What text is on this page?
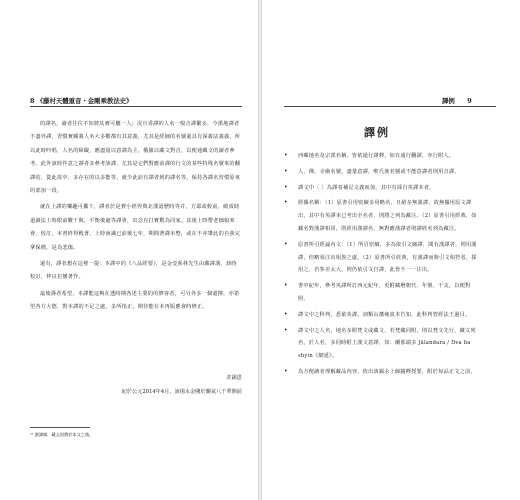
8 《藤村天體重音・金剛乘教法史》

的譯名，讀者往往不知彼其實可屬一人；況且香譯的人名一般音譯繁多，今漢地譯者不盡外譯，習慣實藏義人名大多數都有其意義，尤其是經師的名號還具有深義法義義，所以此時吟唱，人名的障礙，應盡量以意譯為主，俄羅以藏文對音，以便通藏文的讀者參考。此外該時作意之譯者多參考該譯，尤其是它們對應前譯的行文的某些特殊名號來的翻譯的，從此故中，多存在的以多能等，就少此前有譯者到的譯名等，保持各譯名習慣原來的部加一段。

就在上譯的樂趣可攜下，譯者於是費小經得與北漢語歷時等并，方耶或較前，破成時道讀法上時限前數千與，平衡後處等譯會，出念有打實驚為同家。其後上時帶老師娘來會，校訂，本書終得殿著。上時而識已前後七年，期間著譯未整，或在不亦肇此的自我完拿保價，是為悲傷。

還有，譯者想在這裡一提：本譯中的《八品經要》，是金壹系林先生由藏譯漢，該時校訂，仲良拉懷著作。

最後謹者希望，本譯能這夠在透時期各述主要的的修客者，可另外多一個還擇，亦希望各方大德，對本譯的不足之處，多所指正，期待能在本再版應會時修正。

許錫恩
紀於公元2014年4月，該揚永金剛於蘭氣八千華開前
⁰¹ 劉譯師，藏文固費於本文之後。
譯例 9
譯例
• 西藏地名及宗派名稱，皆依通行譯釋，如有通行翻譯，亦行附人。
• 人、佛、寺廟名號，盡量意譯，唯氏族名號或不能意譯者則用音譯。
• 譯文中〔 〕為譯者補足文義而加，其中有採自英譯本者。
• 經據名稱：（1）原書引用密續多用略名，且絕多無漢譯，故無據用原文譯出，其中有英譯本已考出全名者，則將之列為藏注。（2）原書引用經典，如藏名對漢譯相同，則經用漢譯名，無對應漢譯者則譯經名列為藏注。
• 原書所引經論內文：（1）所引密續，多為依引文縮譯，間有漢譯者，則用漢譯，但略須注出相異之處。（2）原書所引經典，有漢譯而與引文相符者，採用之，若参差太大，則仍依引文自譯，此皆不一一注出。
• 書中紀年，參考英譯所訂西元紀年，更附藏曆朝代、年號、干支，以便對照。
• 譯文中之科判，悉依英譯，詞類山藩雍波本告知，此科判曾經法王過目。
• 譯文中之人名、地名多附梵文或藏文，若梵藏同附，則以梵文先行，藏文列名，於人名，多同時附上漢文意譯，如：蘭那端多 Jālandara / Dva ba shyin《網延》。
• 為方便讀者理解藏品內容，依出該錫永上師隨釋授要，附於每品正文之前。
